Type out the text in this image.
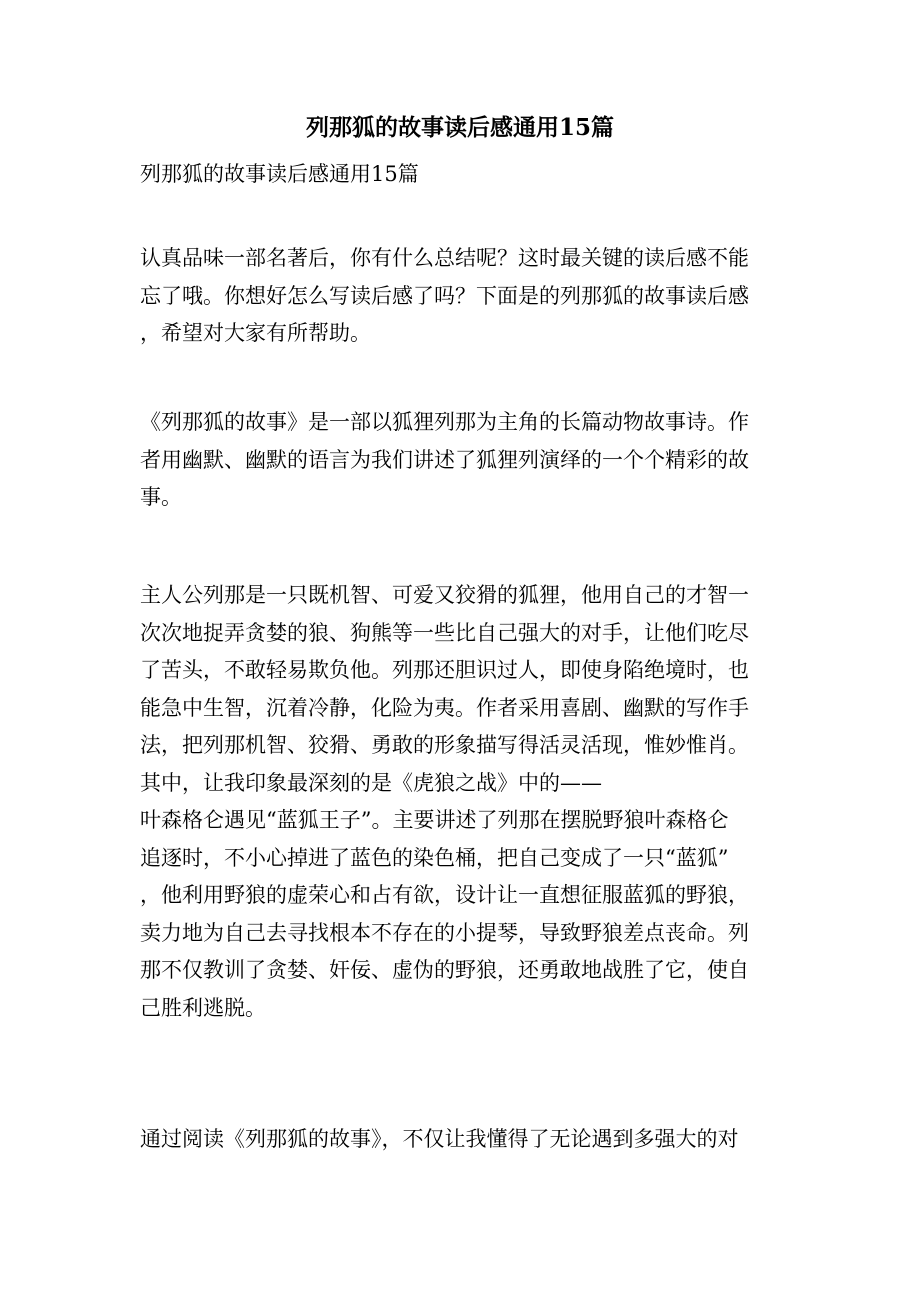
列那狐的故事读后感通用15篇

列那狐的故事读后感通用15篇

认真品味一部名著后，你有什么总结呢？这时最关键的读后感不能
忘了哦。你想好怎么写读后感了吗？下面是的列那狐的故事读后感
，希望对大家有所帮助。

《列那狐的故事》是一部以狐狸列那为主角的长篇动物故事诗。作
者用幽默、幽默的语言为我们讲述了狐狸列演绎的一个个精彩的故
事。

主人公列那是一只既机智、可爱又狡猾的狐狸，他用自己的才智一
次次地捉弄贪婪的狼、狗熊等一些比自己强大的对手，让他们吃尽
了苦头，不敢轻易欺负他。列那还胆识过人，即使身陷绝境时，也
能急中生智，沉着冷静，化险为夷。作者采用喜剧、幽默的写作手
法，把列那机智、狡猾、勇敢的形象描写得活灵活现，惟妙惟肖。
其中，让我印象最深刻的是《虎狼之战》中的——
叶森格仑遇见“蓝狐王子”。主要讲述了列那在摆脱野狼叶森格仑
追逐时，不小心掉进了蓝色的染色桶，把自己变成了一只“蓝狐”
，他利用野狼的虚荣心和占有欲，设计让一直想征服蓝狐的野狼，
卖力地为自己去寻找根本不存在的小提琴，导致野狼差点丧命。列
那不仅教训了贪婪、奸佞、虚伪的野狼，还勇敢地战胜了它，使自
己胜利逃脱。

通过阅读《列那狐的故事》，不仅让我懂得了无论遇到多强大的对
